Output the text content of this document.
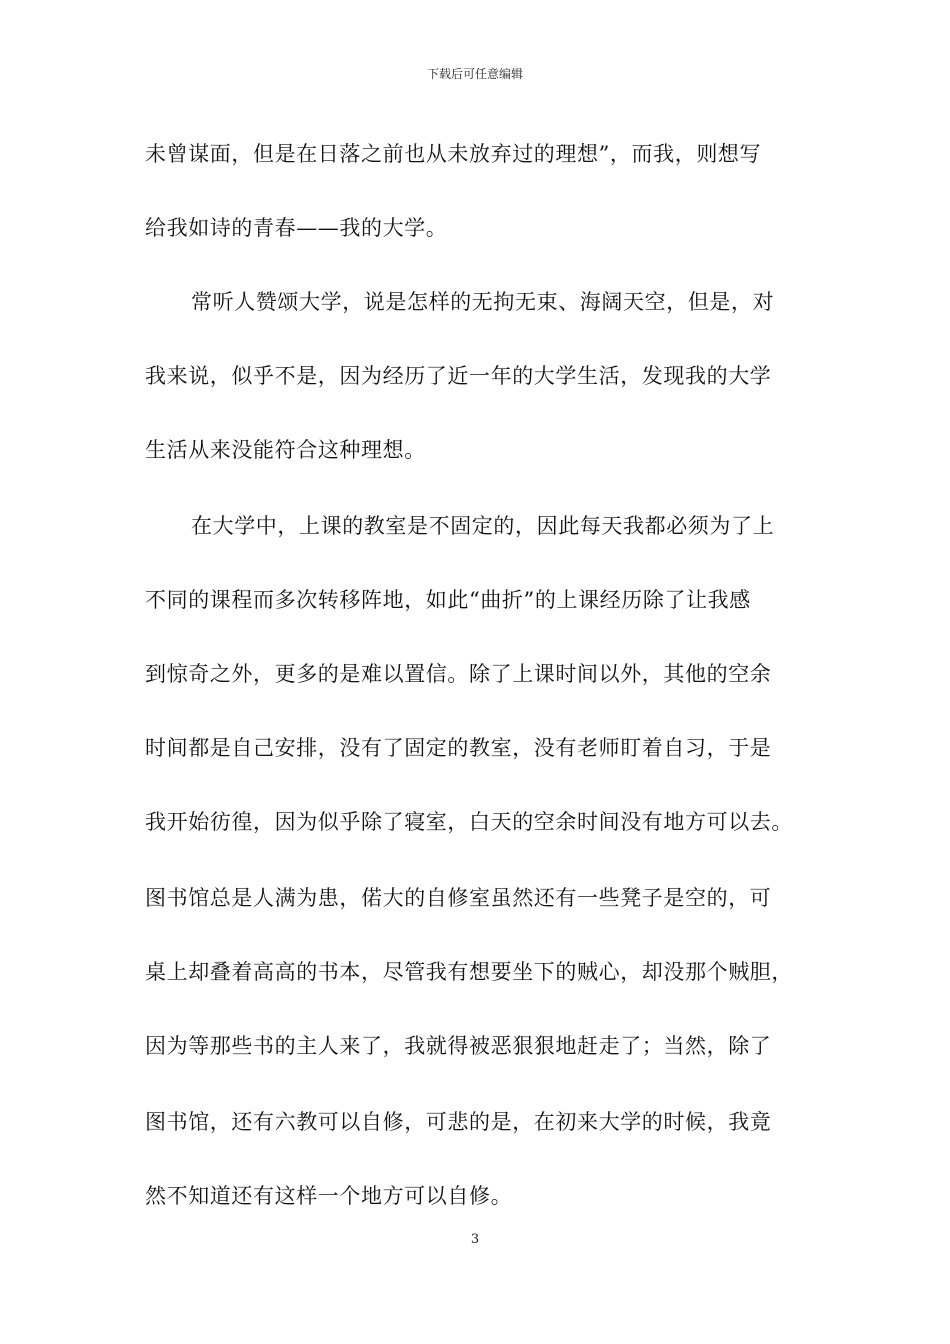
下载后可任意编辑
未曾谋面，但是在日落之前也从未放弃过的理想”，而我，则想写
给我如诗的青春——我的大学。
常听人赞颂大学，说是怎样的无拘无束、海阔天空，但是，对
我来说，似乎不是，因为经历了近一年的大学生活，发现我的大学
生活从来没能符合这种理想。
在大学中，上课的教室是不固定的，因此每天我都必须为了上
不同的课程而多次转移阵地，如此“曲折”的上课经历除了让我感
到惊奇之外，更多的是难以置信。除了上课时间以外，其他的空余
时间都是自己安排，没有了固定的教室，没有老师盯着自习，于是
我开始彷徨，因为似乎除了寝室，白天的空余时间没有地方可以去。
图书馆总是人满为患，偌大的自修室虽然还有一些凳子是空的，可
桌上却叠着高高的书本，尽管我有想要坐下的贼心，却没那个贼胆，
因为等那些书的主人来了，我就得被恶狠狠地赶走了；当然，除了
图书馆，还有六教可以自修，可悲的是，在初来大学的时候，我竟
然不知道还有这样一个地方可以自修。
3
